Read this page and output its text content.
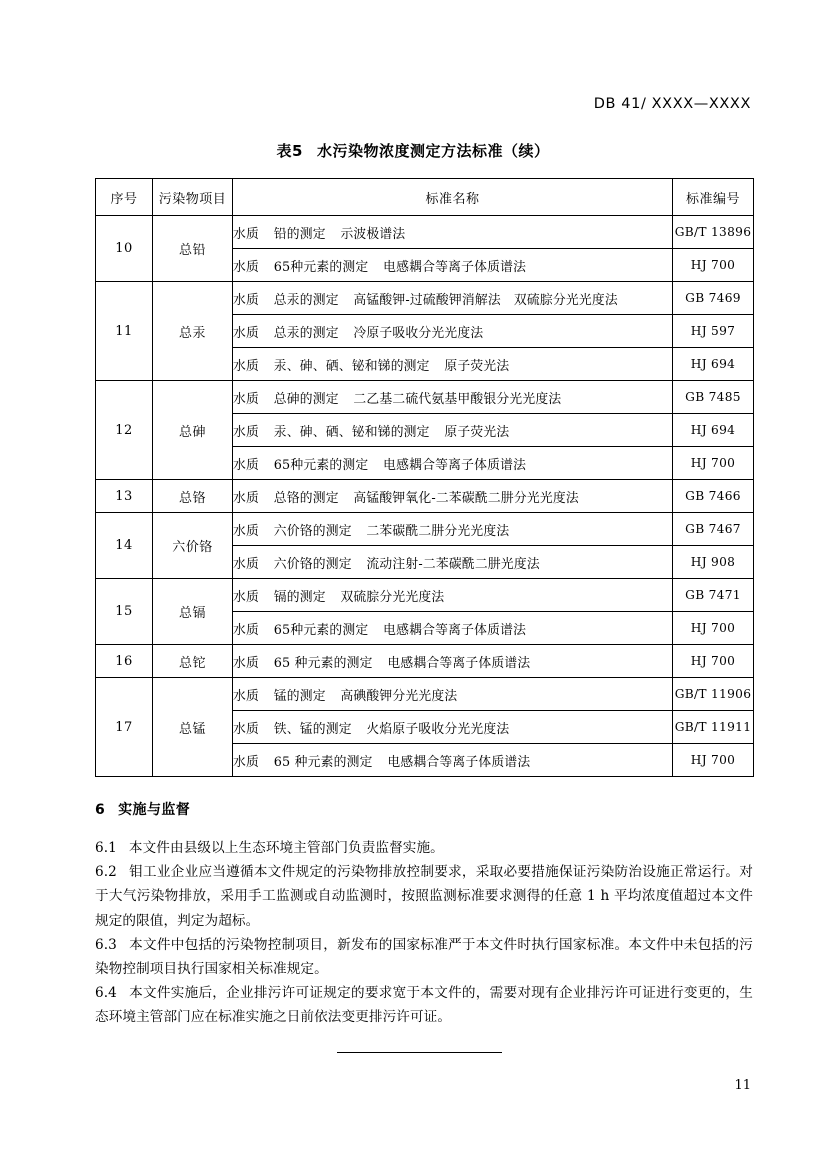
DB 41/ XXXX—XXXX
表5 水污染物浓度测定方法标准（续）
序号	污染物项目	标准名称	标准编号
10	总铅	水质 铅的测定 示波极谱法	GB/T 13896
		水质 65种元素的测定 电感耦合等离子体质谱法	HJ 700
11	总汞	水质 总汞的测定 高锰酸钾-过硫酸钾消解法　双硫腙分光光度法	GB 7469
		水质 总汞的测定 冷原子吸收分光光度法	HJ 597
		水质 汞、砷、硒、铋和锑的测定 原子荧光法	HJ 694
12	总砷	水质 总砷的测定 二乙基二硫代氨基甲酸银分光光度法	GB 7485
		水质 汞、砷、硒、铋和锑的测定 原子荧光法	HJ 694
		水质 65种元素的测定 电感耦合等离子体质谱法	HJ 700
13	总铬	水质 总铬的测定 高锰酸钾氧化-二苯碳酰二肼分光光度法	GB 7466
14	六价铬	水质 六价铬的测定 二苯碳酰二肼分光光度法	GB 7467
		水质 六价铬的测定 流动注射-二苯碳酰二肼光度法	HJ 908
15	总镉	水质 镉的测定 双硫腙分光光度法	GB 7471
		水质 65种元素的测定 电感耦合等离子体质谱法	HJ 700
16	总铊	水质 65 种元素的测定 电感耦合等离子体质谱法	HJ 700
17	总锰	水质 锰的测定 高碘酸钾分光光度法	GB/T 11906
		水质 铁、锰的测定 火焰原子吸收分光光度法	GB/T 11911
		水质 65 种元素的测定 电感耦合等离子体质谱法	HJ 700
6 实施与监督
6.1 本文件由县级以上生态环境主管部门负责监督实施。
6.2 钼工业企业应当遵循本文件规定的污染物排放控制要求，采取必要措施保证污染防治设施正常运行。对于大气污染物排放，采用手工监测或自动监测时，按照监测标准要求测得的任意 1 h 平均浓度值超过本文件规定的限值，判定为超标。
6.3 本文件中包括的污染物控制项目，新发布的国家标准严于本文件时执行国家标准。本文件中未包括的污染物控制项目执行国家相关标准规定。
6.4 本文件实施后，企业排污许可证规定的要求宽于本文件的，需要对现有企业排污许可证进行变更的，生态环境主管部门应在标准实施之日前依法变更排污许可证。
11
